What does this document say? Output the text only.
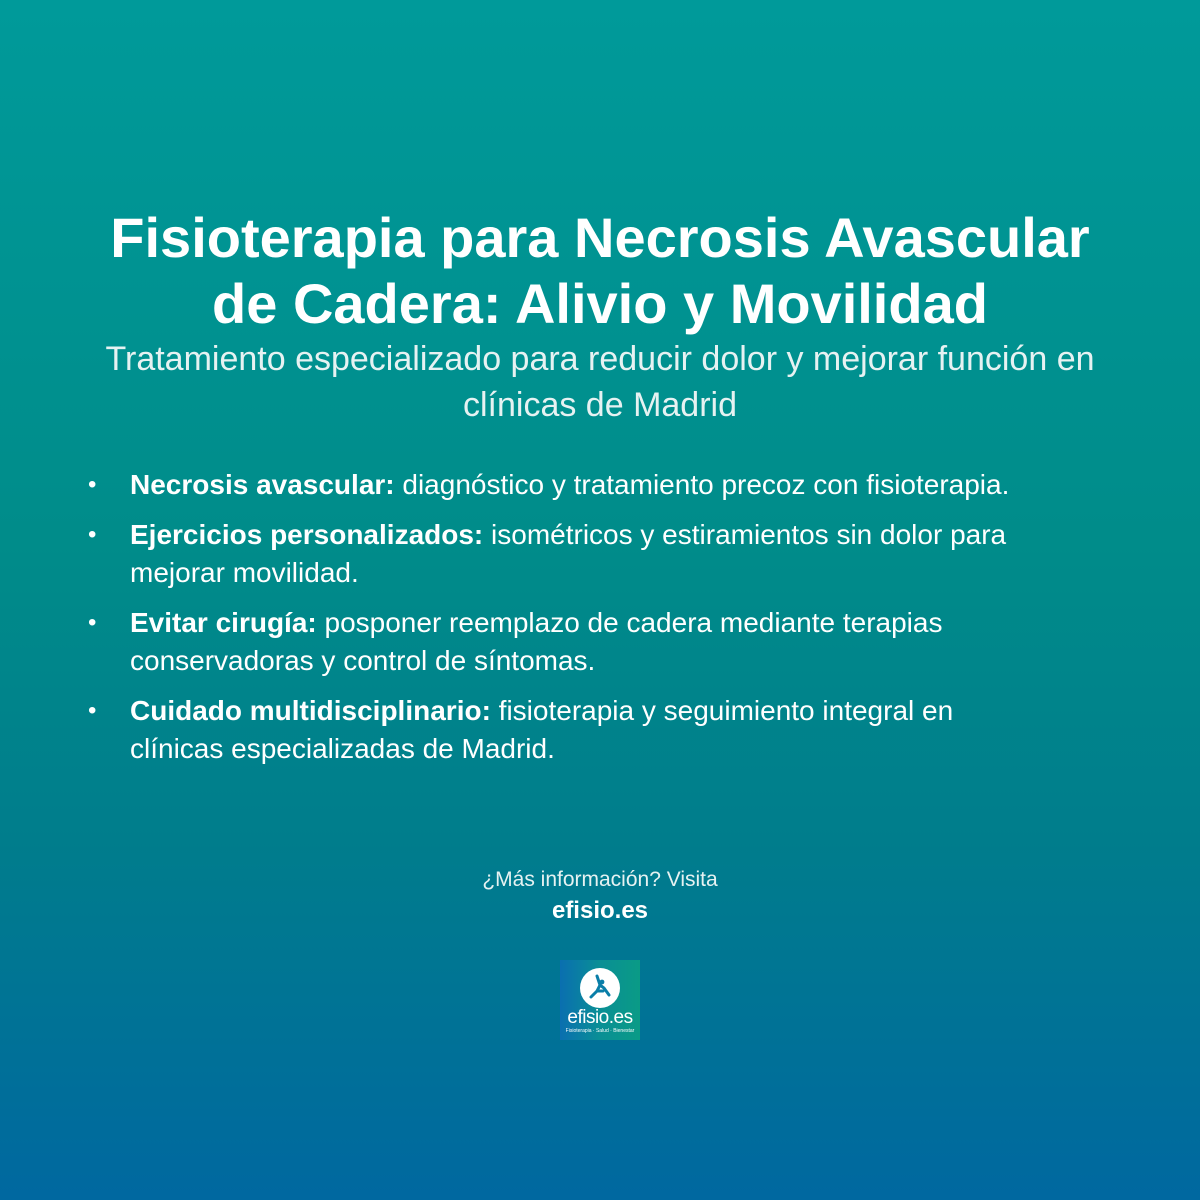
Fisioterapia para Necrosis Avascular
de Cadera: Alivio y Movilidad

Tratamiento especializado para reducir dolor y mejorar función en
clínicas de Madrid

• Necrosis avascular: diagnóstico y tratamiento precoz con fisioterapia.
• Ejercicios personalizados: isométricos y estiramientos sin dolor para mejorar movilidad.
• Evitar cirugía: posponer reemplazo de cadera mediante terapias conservadoras y control de síntomas.
• Cuidado multidisciplinario: fisioterapia y seguimiento integral en clínicas especializadas de Madrid.
¿Más información? Visita
efisio.es
efisio.es
Fisioterapia · Salud · Bienestar
